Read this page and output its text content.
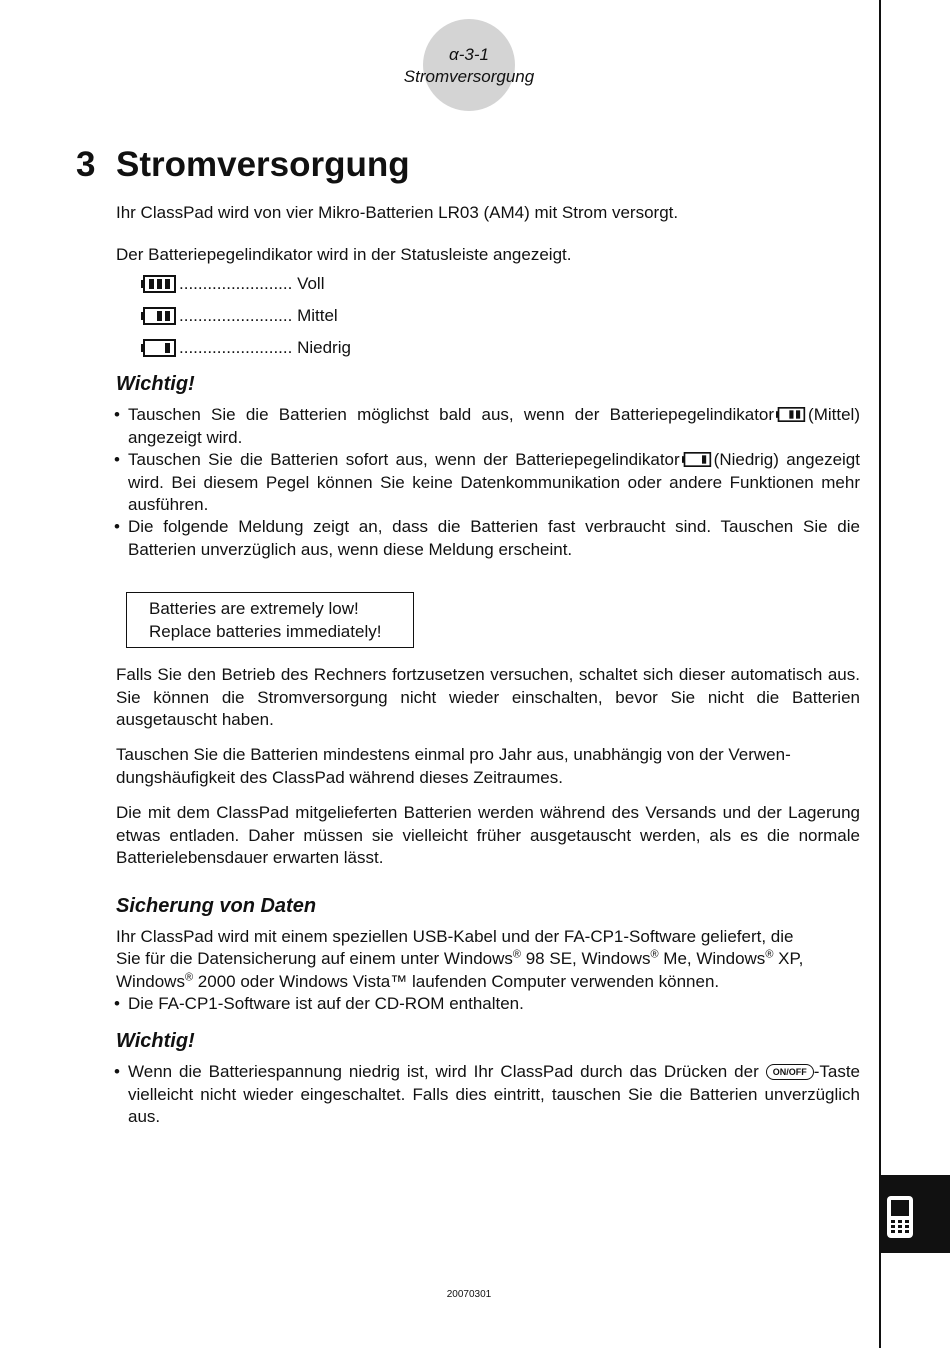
α-3-1
Stromversorgung
3 Stromversorgung
Ihr ClassPad wird von vier Mikro-Batterien LR03 (AM4) mit Strom versorgt.
Der Batteriepegelindikator wird in der Statusleiste angezeigt.
........................ Voll
........................ Mittel
........................ Niedrig
Wichtig!
• Tauschen Sie die Batterien möglichst bald aus, wenn der Batteriepegelindikator (Mittel) angezeigt wird.
• Tauschen Sie die Batterien sofort aus, wenn der Batteriepegelindikator (Niedrig) angezeigt wird. Bei diesem Pegel können Sie keine Datenkommunikation oder andere Funktionen mehr ausführen.
• Die folgende Meldung zeigt an, dass die Batterien fast verbraucht sind. Tauschen Sie die Batterien unverzüglich aus, wenn diese Meldung erscheint.
Batteries are extremely low!
Replace batteries immediately!
Falls Sie den Betrieb des Rechners fortzusetzen versuchen, schaltet sich dieser automatisch aus. Sie können die Stromversorgung nicht wieder einschalten, bevor Sie nicht die Batterien ausgetauscht haben.
Tauschen Sie die Batterien mindestens einmal pro Jahr aus, unabhängig von der Verwen-
dungshäufigkeit des ClassPad während dieses Zeitraumes.
Die mit dem ClassPad mitgelieferten Batterien werden während des Versands und der Lagerung etwas entladen. Daher müssen sie vielleicht früher ausgetauscht werden, als es die normale Batterielebensdauer erwarten lässt.
Sicherung von Daten
Ihr ClassPad wird mit einem speziellen USB-Kabel und der FA-CP1-Software geliefert, die
Sie für die Datensicherung auf einem unter Windows® 98 SE, Windows® Me, Windows® XP,
Windows® 2000 oder Windows Vista™ laufenden Computer verwenden können.
• Die FA-CP1-Software ist auf der CD-ROM enthalten.
Wichtig!
• Wenn die Batteriespannung niedrig ist, wird Ihr ClassPad durch das Drücken der ON/OFF -Taste vielleicht nicht wieder eingeschaltet. Falls dies eintritt, tauschen Sie die Batterien unverzüglich aus.
20070301
